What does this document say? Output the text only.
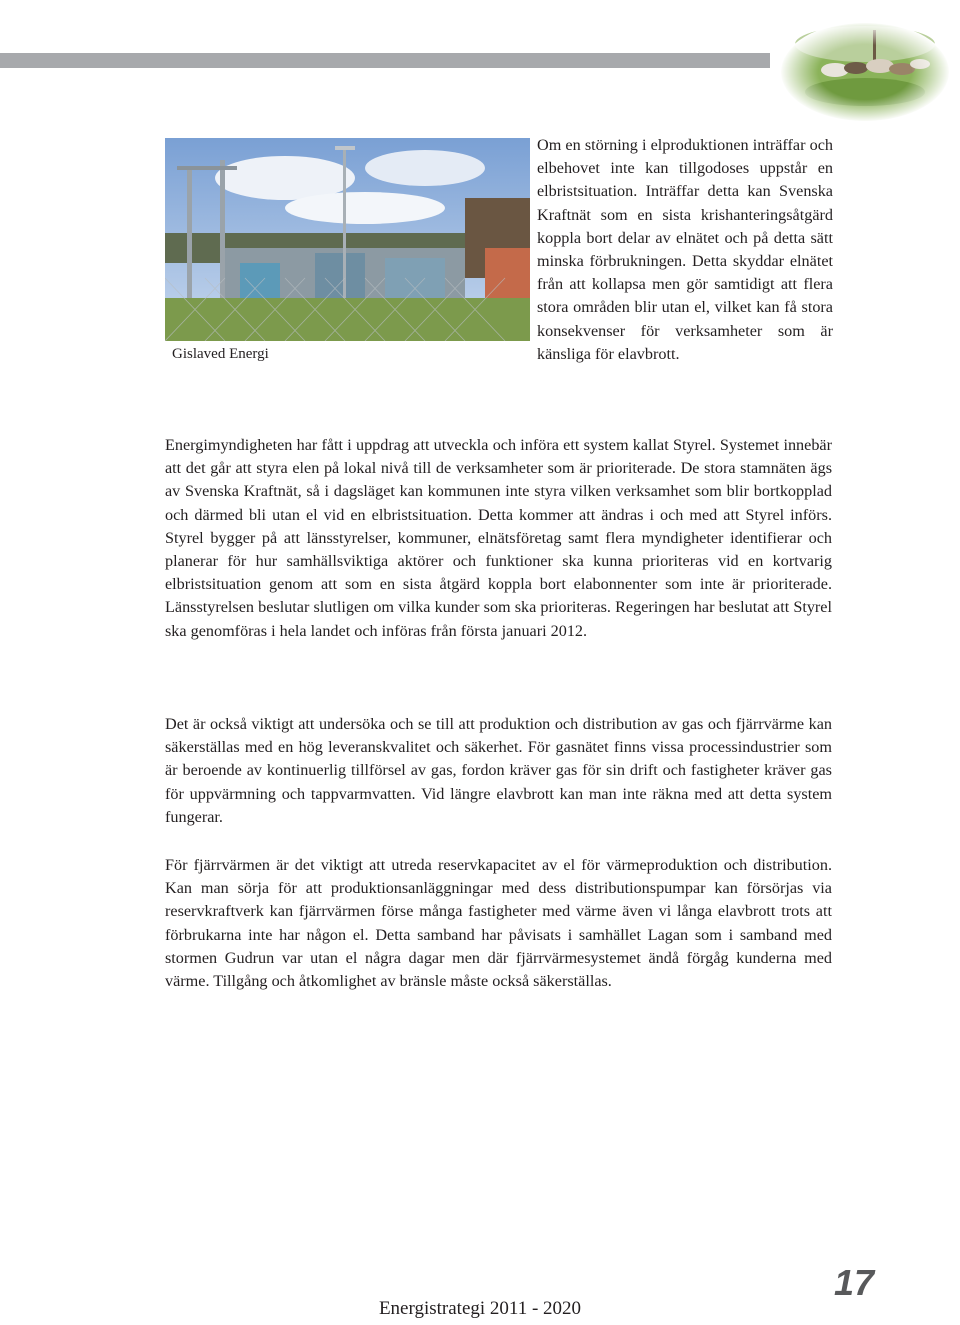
Gislaved Energi

Om en störning i elproduktionen inträffar och elbehovet inte kan tillgodoses uppstår en elbristsituation. Inträffar detta kan Svenska Kraftnät som en sista krishanteringsåtgärd koppla bort delar av elnätet och på detta sätt minska förbrukningen. Detta skyddar elnätet från att kollapsa men gör samtidigt att flera stora områden blir utan el, vilket kan få stora konsekvenser för verksamheter som är känsliga för elavbrott.

Energimyndigheten har fått i uppdrag att utveckla och införa ett system kallat Styrel. Systemet innebär att det går att styra elen på lokal nivå till de verksamheter som är prioriterade. De stora stamnäten ägs av Svenska Kraftnät, så i dagsläget kan kommunen inte styra vilken verksamhet som blir bortkopplad och därmed bli utan el vid en elbristsituation. Detta kommer att ändras i och med att Styrel införs. Styrel bygger på att länsstyrelser, kommuner, elnätsföretag samt flera myndigheter identifierar och planerar för hur samhällsviktiga aktörer och funktioner ska kunna prioriteras vid en kortvarig elbristsituation genom att som en sista åtgärd koppla bort elabonnenter som inte är prioriterade. Länsstyrelsen beslutar slutligen om vilka kunder som ska prioriteras. Regeringen har beslutat att Styrel ska genomföras i hela landet och införas från första januari 2012.

Det är också viktigt att undersöka och se till att produktion och distribution av gas och fjärrvärme kan säkerställas med en hög leveranskvalitet och säkerhet. För gasnätet finns vissa processindustrier som är beroende av kontinuerlig tillförsel av gas, fordon kräver gas för sin drift och fastigheter kräver gas för uppvärmning och tappvarmvatten. Vid längre elavbrott kan man inte räkna med att detta system fungerar.

För fjärrvärmen är det viktigt att utreda reservkapacitet av el för värmeproduktion och distribution. Kan man sörja för att produktionsanläggningar med dess distributionspumpar kan försörjas via reservkraftverk kan fjärrvärmen förse många fastigheter med värme även vi långa elavbrott trots att förbrukarna inte har någon el. Detta samband har påvisats i samhället Lagan som i samband med stormen Gudrun var utan el några dagar men där fjärrvärmesystemet ändå förgåg kunderna med värme. Tillgång och åtkomlighet av bränsle måste också säkerställas.

17
Energistrategi 2011 - 2020
